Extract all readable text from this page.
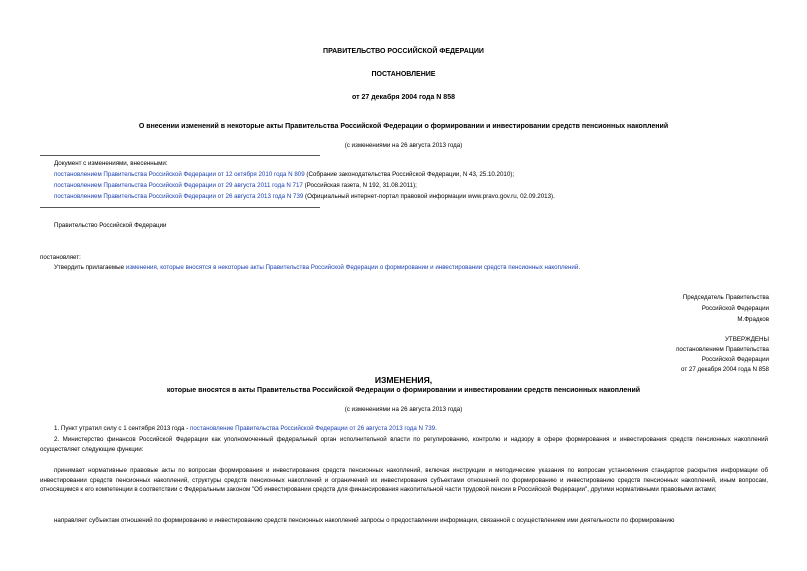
ПРАВИТЕЛЬСТВО РОССИЙСКОЙ ФЕДЕРАЦИИ
ПОСТАНОВЛЕНИЕ
от 27 декабря 2004 года N 858
О внесении изменений в некоторые акты Правительства Российской Федерации о формировании и инвестировании средств пенсионных накоплений
(с изменениями на 26 августа 2013 года)
Документ с изменениями, внесенными:
постановлением Правительства Российской Федерации от 12 октября 2010 года N 809 (Собрание законодательства Российской Федерации, N 43, 25.10.2010);
постановлением Правительства Российской Федерации от 29 августа 2011 года N 717 (Российская газета, N 192, 31.08.2011);
постановлением Правительства Российской Федерации от 26 августа 2013 года N 739 (Официальный интернет-портал правовой информации www.pravo.gov.ru, 02.09.2013).
Правительство Российской Федерации
постановляет:
Утвердить прилагаемые изменения, которые вносятся в некоторые акты Правительства Российской Федерации о формировании и инвестировании средств пенсионных накоплений.
Председатель Правительства
Российской Федерации
М.Фрадков
УТВЕРЖДЕНЫ
постановлением Правительства
Российской Федерации
от 27 декабря 2004 года N 858
ИЗМЕНЕНИЯ,
которые вносятся в акты Правительства Российской Федерации о формировании и инвестировании средств пенсионных накоплений
(с изменениями на 26 августа 2013 года)
1. Пункт утратил силу с 1 сентября 2013 года - постановление Правительства Российской Федерации от 26 августа 2013 года N 739.
2. Министерство финансов Российской Федерации как уполномоченный федеральный орган исполнительной власти по регулированию, контролю и надзору в сфере формирования и инвестирования средств пенсионных накоплений осуществляет следующие функции:
принимает нормативные правовые акты по вопросам формирования и инвестирования средств пенсионных накоплений, включая инструкции и методические указания по вопросам установления стандартов раскрытия информации об инвестировании средств пенсионных накоплений, структуры средств пенсионных накоплений и ограничений их инвестирования субъектами отношений по формированию и инвестированию средств пенсионных накоплений, иным вопросам, относящимся к его компетенции в соответствии с Федеральным законом "Об инвестировании средств для финансирования накопительной части трудовой пенсии в Российской Федерации", другими нормативными правовыми актами;
направляет субъектам отношений по формированию и инвестированию средств пенсионных накоплений запросы о предоставлении информации, связанной с осуществлением ими деятельности по формированию
